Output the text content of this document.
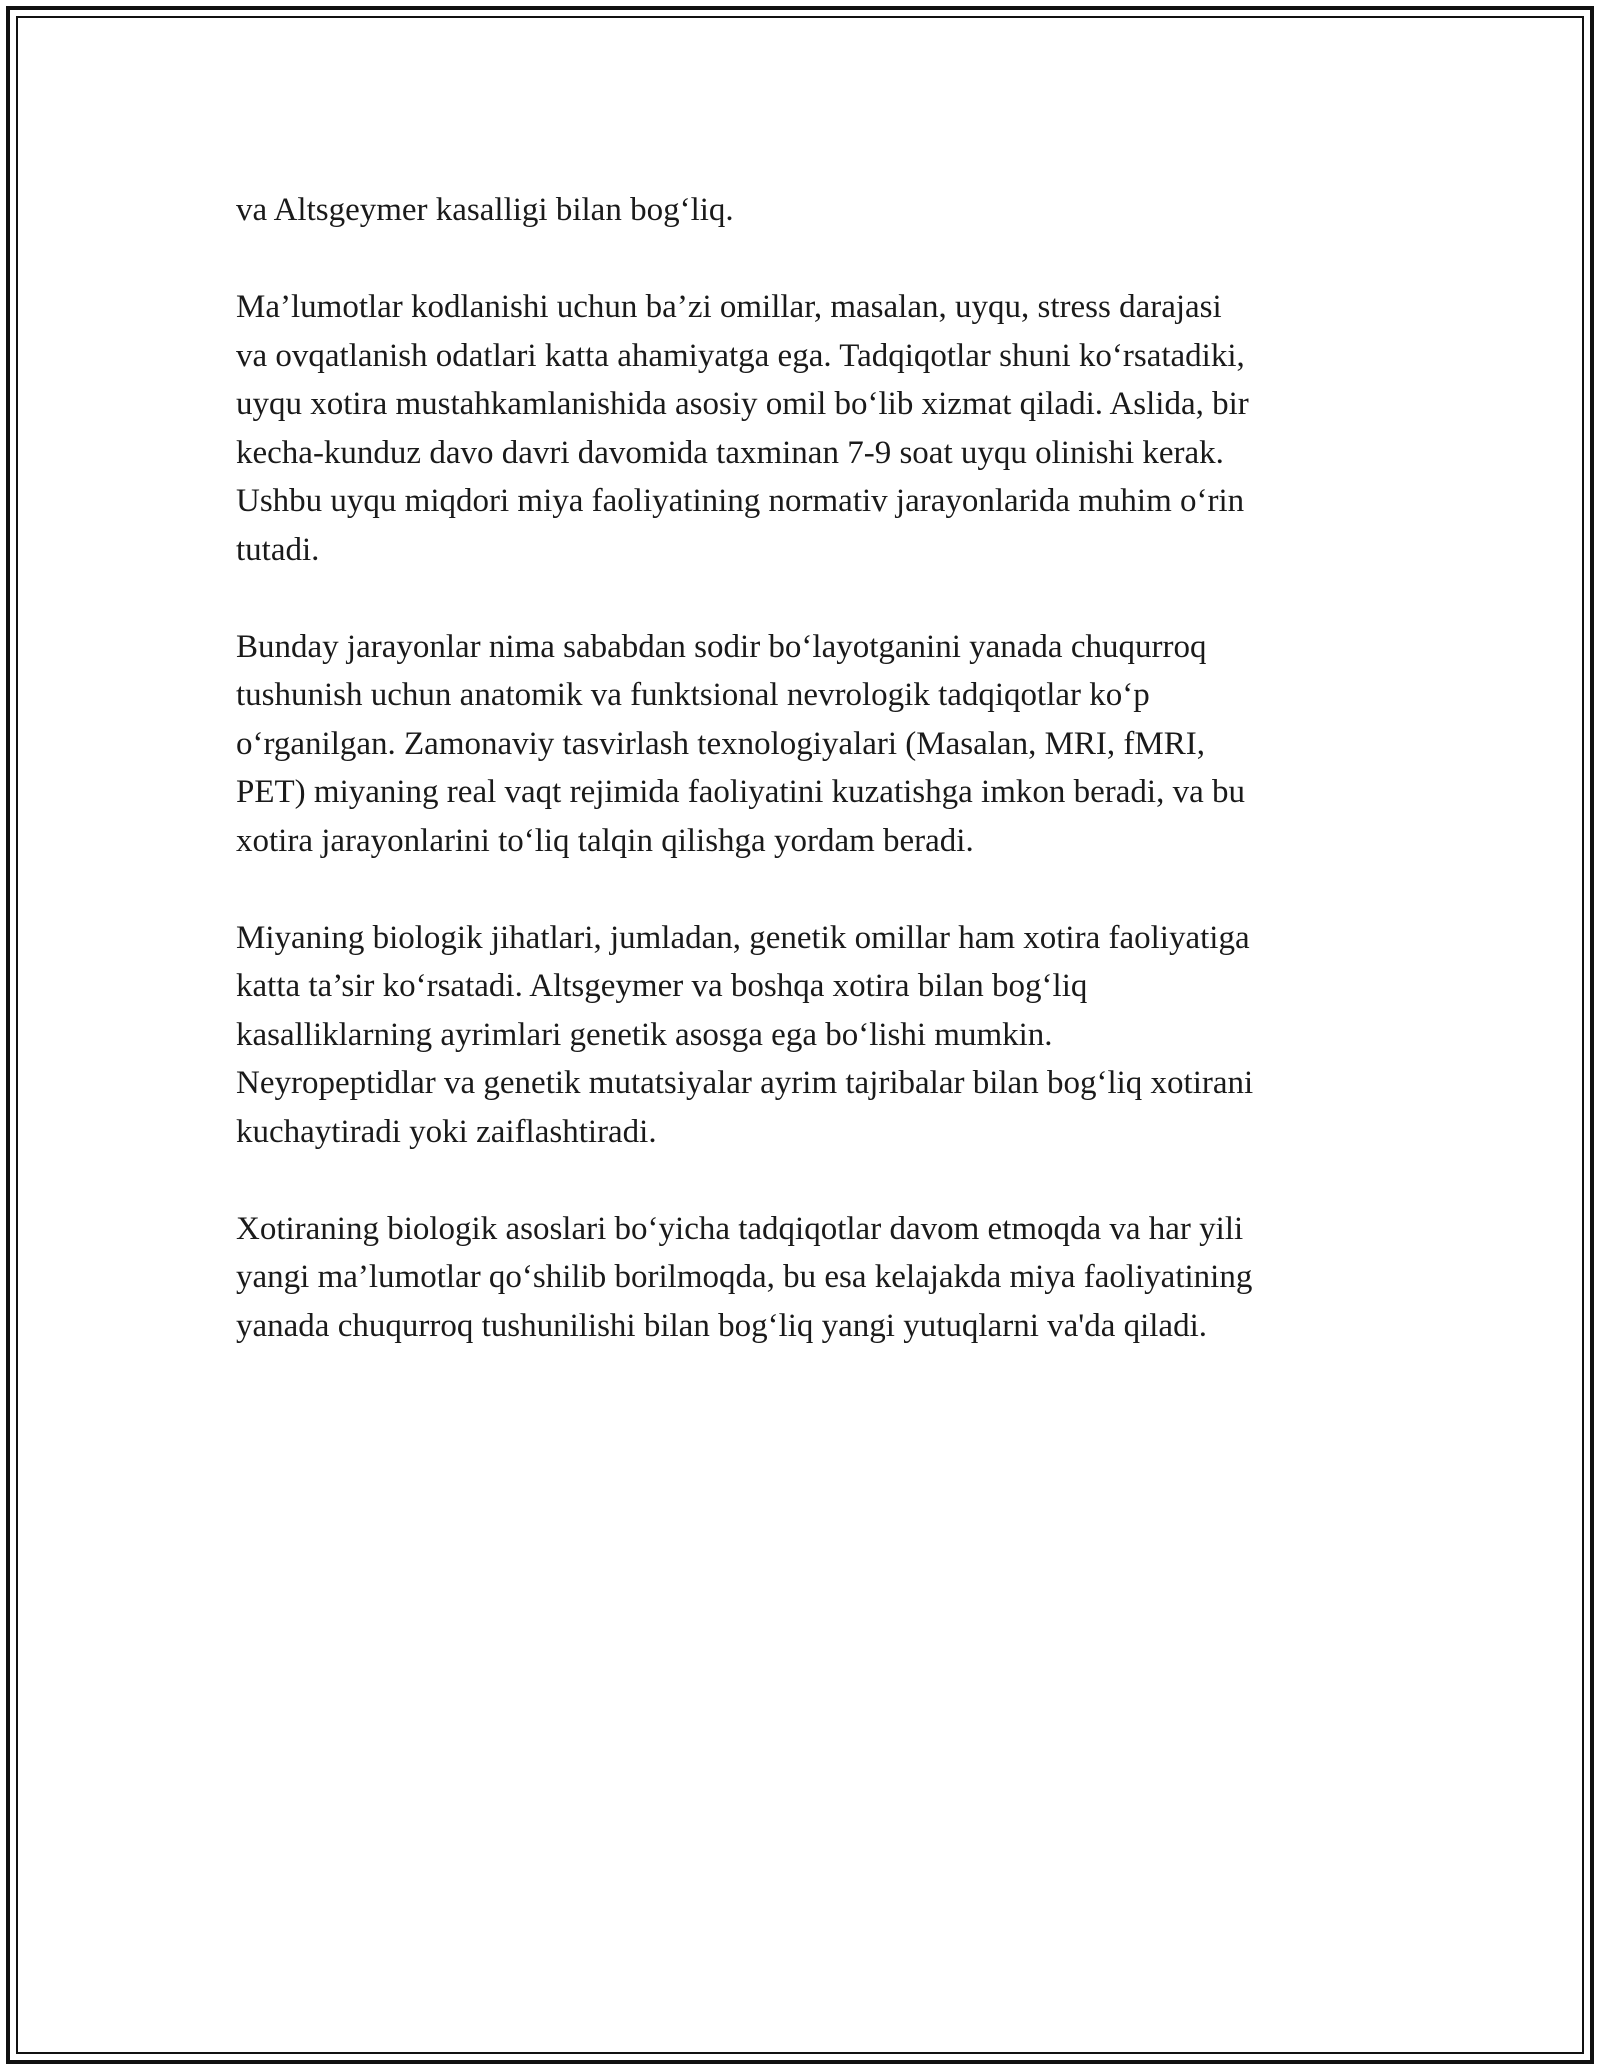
va Altsgeymer kasalligi bilan bog‘liq.

Ma’lumotlar kodlanishi uchun ba’zi omillar, masalan, uyqu, stress darajasi
va ovqatlanish odatlari katta ahamiyatga ega. Tadqiqotlar shuni ko‘rsatadiki,
uyqu xotira mustahkamlanishida asosiy omil bo‘lib xizmat qiladi. Aslida, bir
kecha-kunduz davo davri davomida taxminan 7-9 soat uyqu olinishi kerak.
Ushbu uyqu miqdori miya faoliyatining normativ jarayonlarida muhim o‘rin
tutadi.

Bunday jarayonlar nima sababdan sodir bo‘layotganini yanada chuqurroq
tushunish uchun anatomik va funktsional nevrologik tadqiqotlar ko‘p
o‘rganilgan. Zamonaviy tasvirlash texnologiyalari (Masalan, MRI, fMRI,
PET) miyaning real vaqt rejimida faoliyatini kuzatishga imkon beradi, va bu
xotira jarayonlarini to‘liq talqin qilishga yordam beradi.

Miyaning biologik jihatlari, jumladan, genetik omillar ham xotira faoliyatiga
katta ta’sir ko‘rsatadi. Altsgeymer va boshqa xotira bilan bog‘liq
kasalliklarning ayrimlari genetik asosga ega bo‘lishi mumkin.
Neyropeptidlar va genetik mutatsiyalar ayrim tajribalar bilan bog‘liq xotirani
kuchaytiradi yoki zaiflashtiradi.

Xotiraning biologik asoslari bo‘yicha tadqiqotlar davom etmoqda va har yili
yangi ma’lumotlar qo‘shilib borilmoqda, bu esa kelajakda miya faoliyatining
yanada chuqurroq tushunilishi bilan bog‘liq yangi yutuqlarni va'da qiladi.
